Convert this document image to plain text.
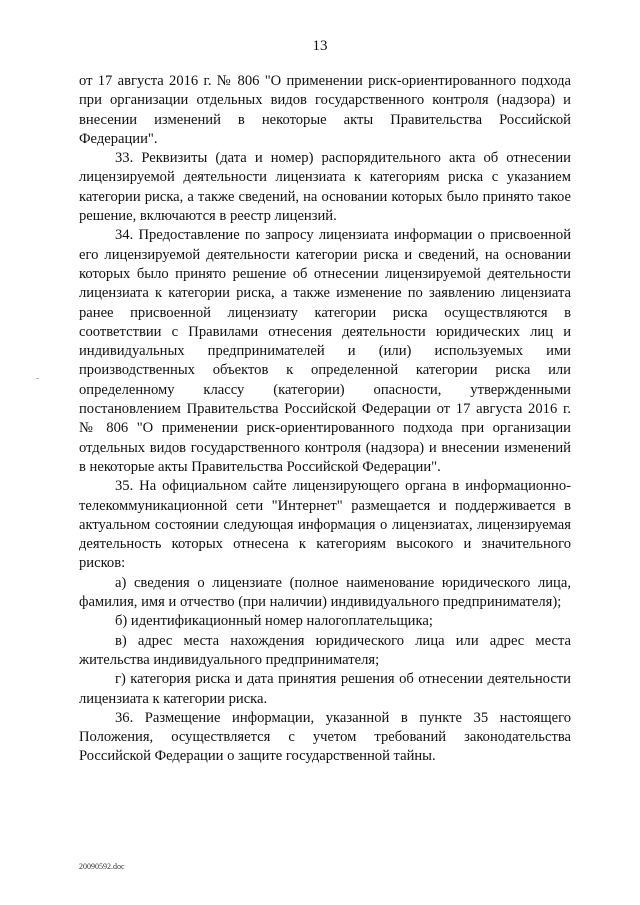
13

от 17 августа 2016 г. № 806 "О применении риск-ориентированного подхода при организации отдельных видов государственного контроля (надзора) и внесении изменений в некоторые акты Правительства Российской Федерации".

33. Реквизиты (дата и номер) распорядительного акта об отнесении лицензируемой деятельности лицензиата к категориям риска с указанием категории риска, а также сведений, на основании которых было принято такое решение, включаются в реестр лицензий.

34. Предоставление по запросу лицензиата информации о присвоенной его лицензируемой деятельности категории риска и сведений, на основании которых было принято решение об отнесении лицензируемой деятельности лицензиата к категории риска, а также изменение по заявлению лицензиата ранее присвоенной лицензиату категории риска осуществляются в соответствии с Правилами отнесения деятельности юридических лиц и индивидуальных предпринимателей и (или) используемых ими производственных объектов к определенной категории риска или определенному классу (категории) опасности, утвержденными постановлением Правительства Российской Федерации от 17 августа 2016 г. № 806 "О применении риск-ориентированного подхода при организации отдельных видов государственного контроля (надзора) и внесении изменений в некоторые акты Правительства Российской Федерации".

35. На официальном сайте лицензирующего органа в информационно-телекоммуникационной сети "Интернет" размещается и поддерживается в актуальном состоянии следующая информация о лицензиатах, лицензируемая деятельность которых отнесена к категориям высокого и значительного рисков:

а) сведения о лицензиате (полное наименование юридического лица, фамилия, имя и отчество (при наличии) индивидуального предпринимателя);

б) идентификационный номер налогоплательщика;

в) адрес места нахождения юридического лица или адрес места жительства индивидуального предпринимателя;

г) категория риска и дата принятия решения об отнесении деятельности лицензиата к категории риска.

36. Размещение информации, указанной в пункте 35 настоящего Положения, осуществляется с учетом требований законодательства Российской Федерации о защите государственной тайны.

20090592.doc
